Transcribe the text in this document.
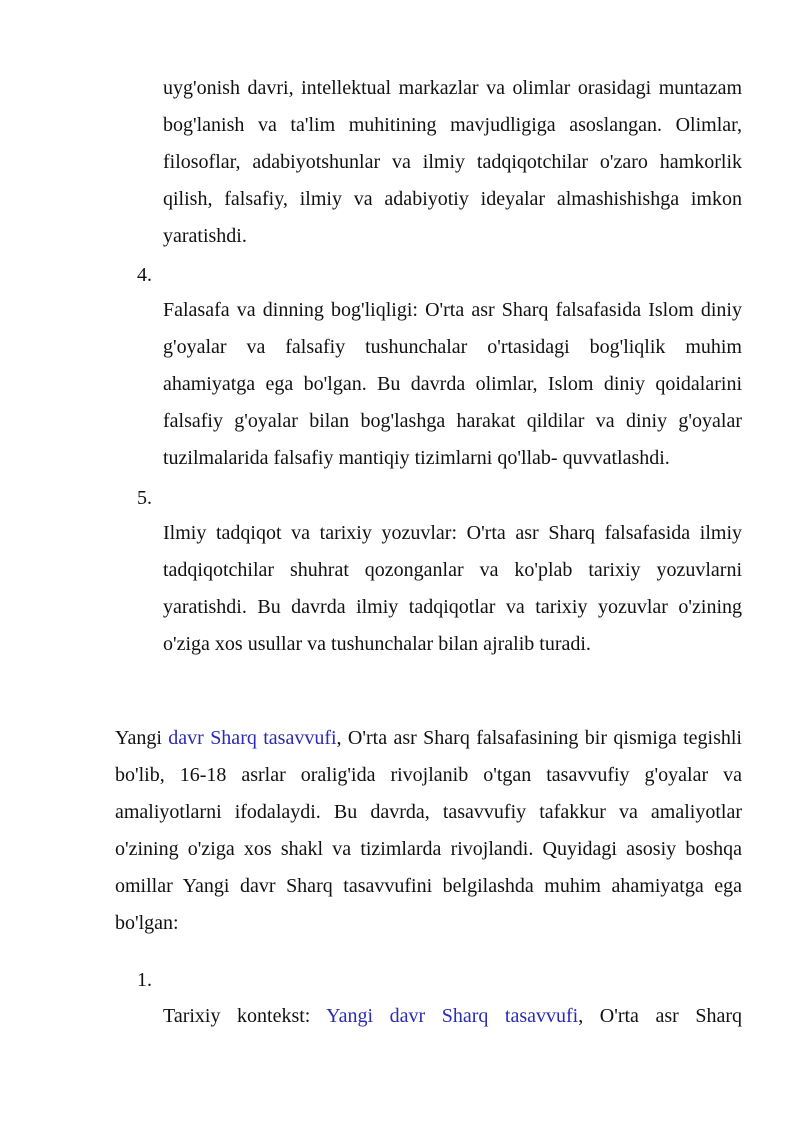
uyg'onish davri, intellektual markazlar va olimlar orasidagi muntazam bog'lanish va ta'lim muhitining mavjudligiga asoslangan. Olimlar, filosoflar, adabiyotshunlar va ilmiy tadqiqotchilar o'zaro hamkorlik qilish, falsafiy, ilmiy va adabiyotiy ideyalar almashishishga imkon yaratishdi.

4.

Falasafa va dinning bog'liqligi: O'rta asr Sharq falsafasida Islom diniy g'oyalar va falsafiy tushunchalar o'rtasidagi bog'liqlik muhim ahamiyatga ega bo'lgan. Bu davrda olimlar, Islom diniy qoidalarini falsafiy g'oyalar bilan bog'lashga harakat qildilar va diniy g'oyalar tuzilmalarida falsafiy mantiqiy tizimlarni qo'llab- quvvatlashdi.

5.

Ilmiy tadqiqot va tarixiy yozuvlar: O'rta asr Sharq falsafasida ilmiy tadqiqotchilar shuhrat qozonganlar va ko'plab tarixiy yozuvlarni yaratishdi. Bu davrda ilmiy tadqiqotlar va tarixiy yozuvlar o'zining o'ziga xos usullar va tushunchalar bilan ajralib turadi.

Yangi davr Sharq tasavvufi, O'rta asr Sharq falsafasining bir qismiga tegishli bo'lib, 16-18 asrlar oralig'ida rivojlanib o'tgan tasavvufiy g'oyalar va amaliyotlarni ifodalaydi. Bu davrda, tasavvufiy tafakkur va amaliyotlar o'zining o'ziga xos shakl va tizimlarda rivojlandi. Quyidagi asosiy boshqa omillar Yangi davr Sharq tasavvufini belgilashda muhim ahamiyatga ega bo'lgan:

1.

Tarixiy kontekst: Yangi davr Sharq tasavvufi, O'rta asr Sharq
